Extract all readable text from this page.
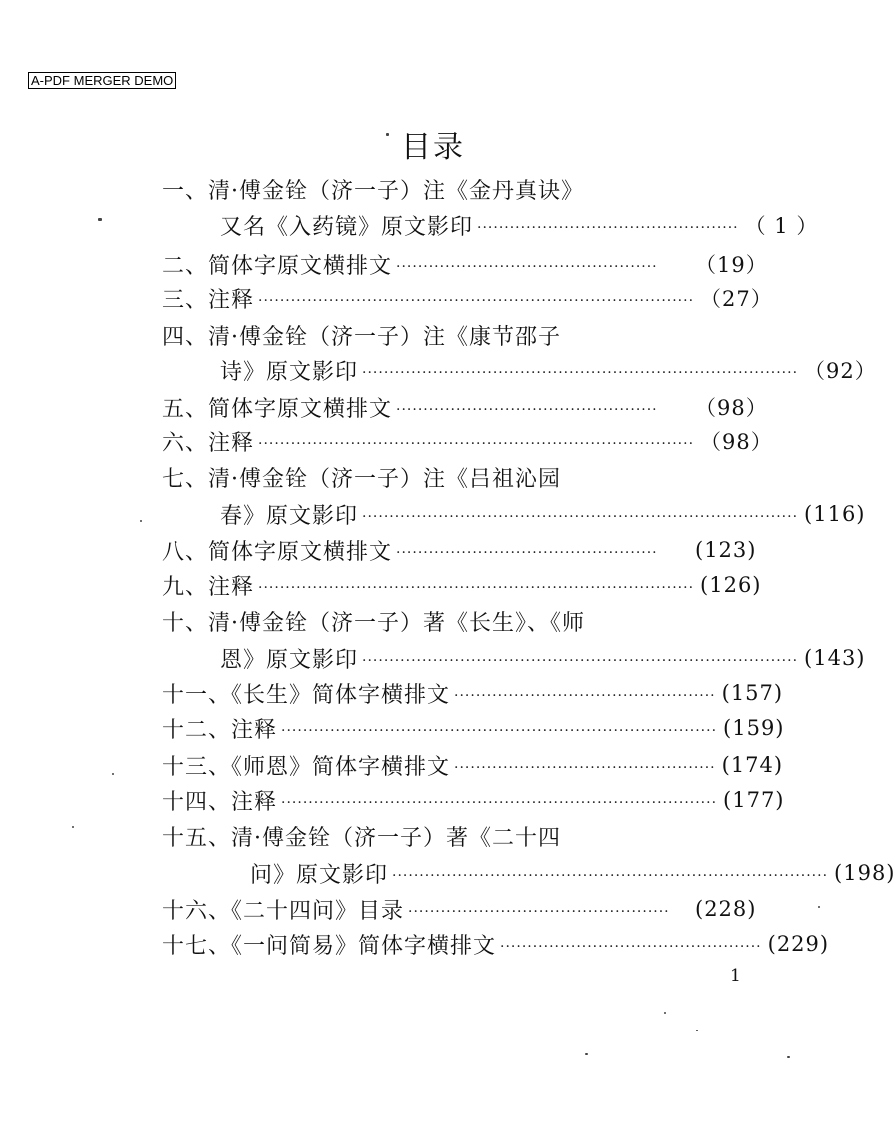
A-PDF MERGER DEMO
目录
一、清·傅金铨（济一子）注《金丹真诀》
又名《入药镜》原文影印 ················································ （ 1 ）
二、简体字原文横排文 ················································	（19）
三、注释 ················································································ （27）
四、清·傅金铨（济一子）注《康节邵子
诗》原文影印 ················································································ （92）
五、简体字原文横排文 ················································	（98）
六、注释 ················································································ （98）
七、清·傅金铨（济一子）注《吕祖沁园
春》原文影印 ················································································ (116)
八、简体字原文横排文 ················································	(123)
九、注释 ················································································ (126)
十、清·傅金铨（济一子）著《长生》、《师
恩》原文影印 ················································································ (143)
十一、《长生》简体字横排文 ················································ (157)
十二、注释 ················································································ (159)
十三、《师恩》简体字横排文 ················································ (174)
十四、注释 ················································································ (177)
十五、清·傅金铨（济一子）著《二十四
问》原文影印 ················································································ (198)
十六、《二十四问》目录 ················································	(228)
十七、《一问简易》简体字横排文 ················································ (229)
1
